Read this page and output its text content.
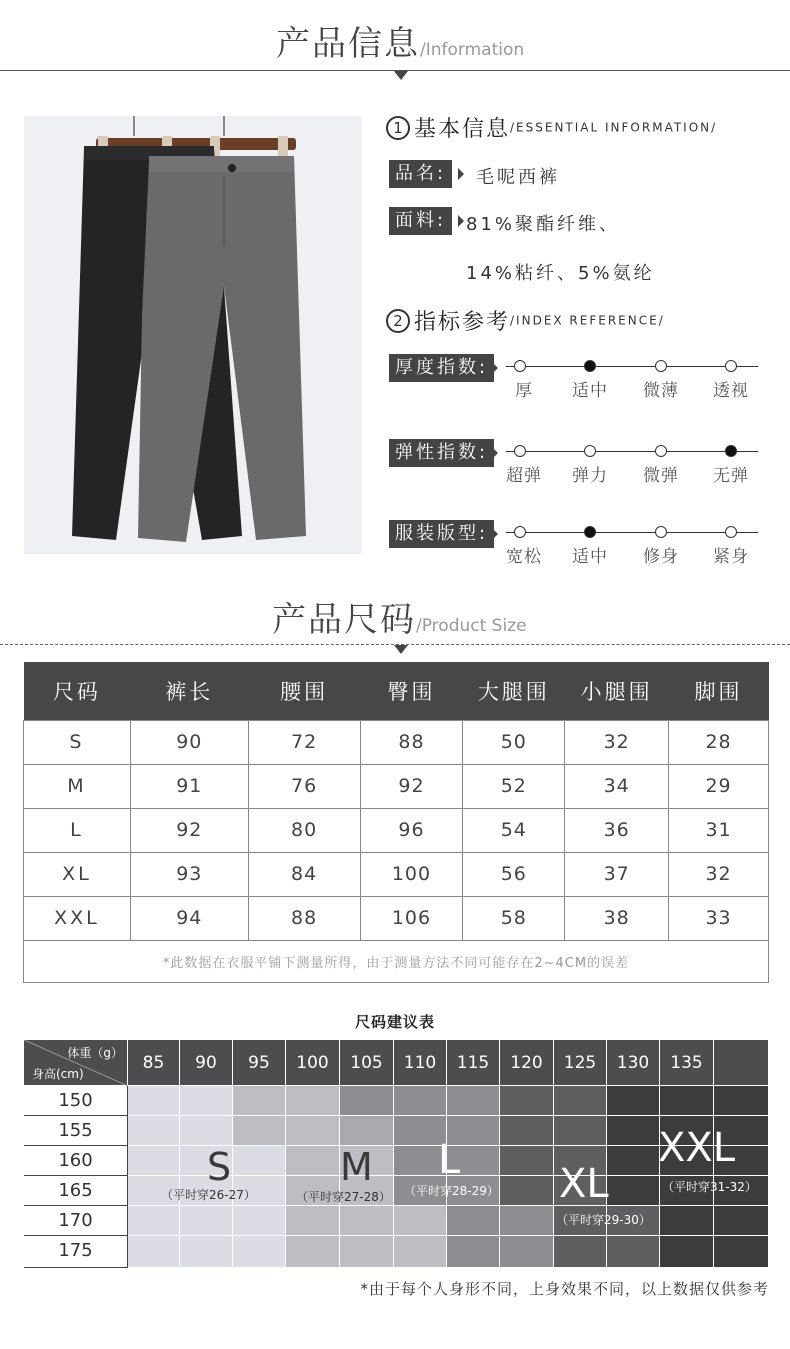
产品信息/Information
1 基本信息/ESSENTIAL INFORMATION/
品名:	毛呢西裤
面料:	81%聚酯纤维、
14%粘纤、5%氨纶
2 指标参考/INDEX REFERENCE/
厚度指数:
厚	适中	微薄	透视
弹性指数:
超弹	弹力	微弹	无弹
服装版型:
宽松	适中	修身	紧身
产品尺码/Product Size
尺码	裤长	腰围	臀围	大腿围	小腿围	脚围
S	90	72	88	50	32	28
M	91	76	92	52	34	29
L	92	80	96	54	36	31
XL	93	84	100	56	37	32
XXL	94	88	106	58	38	33
*此数据在衣服平铺下测量所得，由于测量方法不同可能存在2~4CM的误差						
尺码建议表
体重（g）
身高(cm)
85	90	95	100	105	110	115	120	125	130	135
150
155
160
165
170
175
S
（平时穿26-27）
M
（平时穿27-28）
L
（平时穿28-29） XL
（平时穿29-30）
XXL
（平时穿31-32）
*由于每个人身形不同，上身效果不同，以上数据仅供参考
